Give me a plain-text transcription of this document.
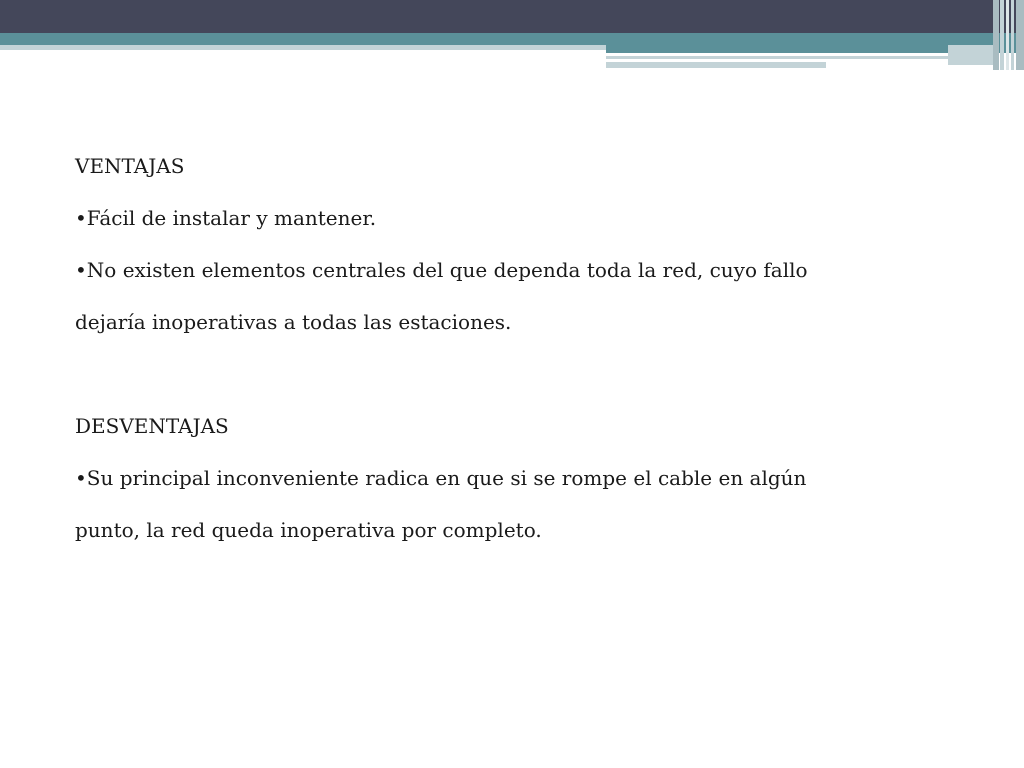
VENTAJAS

•Fácil de instalar y mantener.

•No existen elementos centrales del que dependa toda la red, cuyo fallo

dejaría inoperativas a todas las estaciones.

DESVENTAJAS

•Su principal inconveniente radica en que si se rompe el cable en algún

punto, la red queda inoperativa por completo.
